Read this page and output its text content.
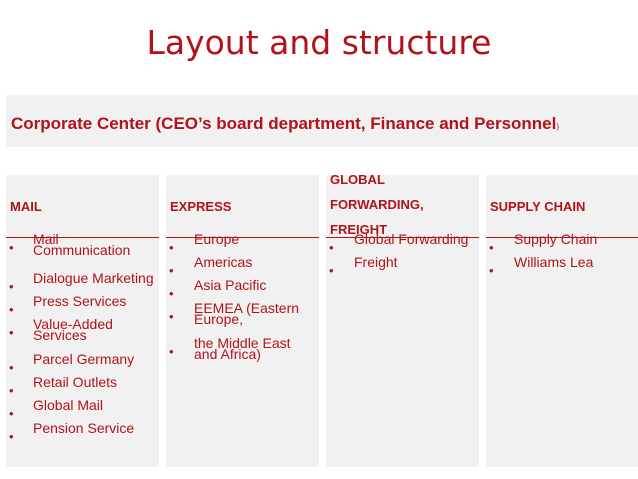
Layout and structure
Corporate Center (CEO’s board department, Finance and Personnel)
MAIL
•
Mail Communication
•
Dialogue Marketing
•
Press Services
•
Value-Added Services
•
Parcel Germany
•
Retail Outlets
•
Global Mail
•
Pension Service
EXPRESS
•
Europe
•
Americas
•
Asia Pacific
•
EEMEA (Eastern Europe,
•
the Middle East and Africa)
GLOBAL
FORWARDING,
FREIGHT
•
Global Forwarding
•
Freight
SUPPLY CHAIN
•
Supply Chain
•
Williams Lea
